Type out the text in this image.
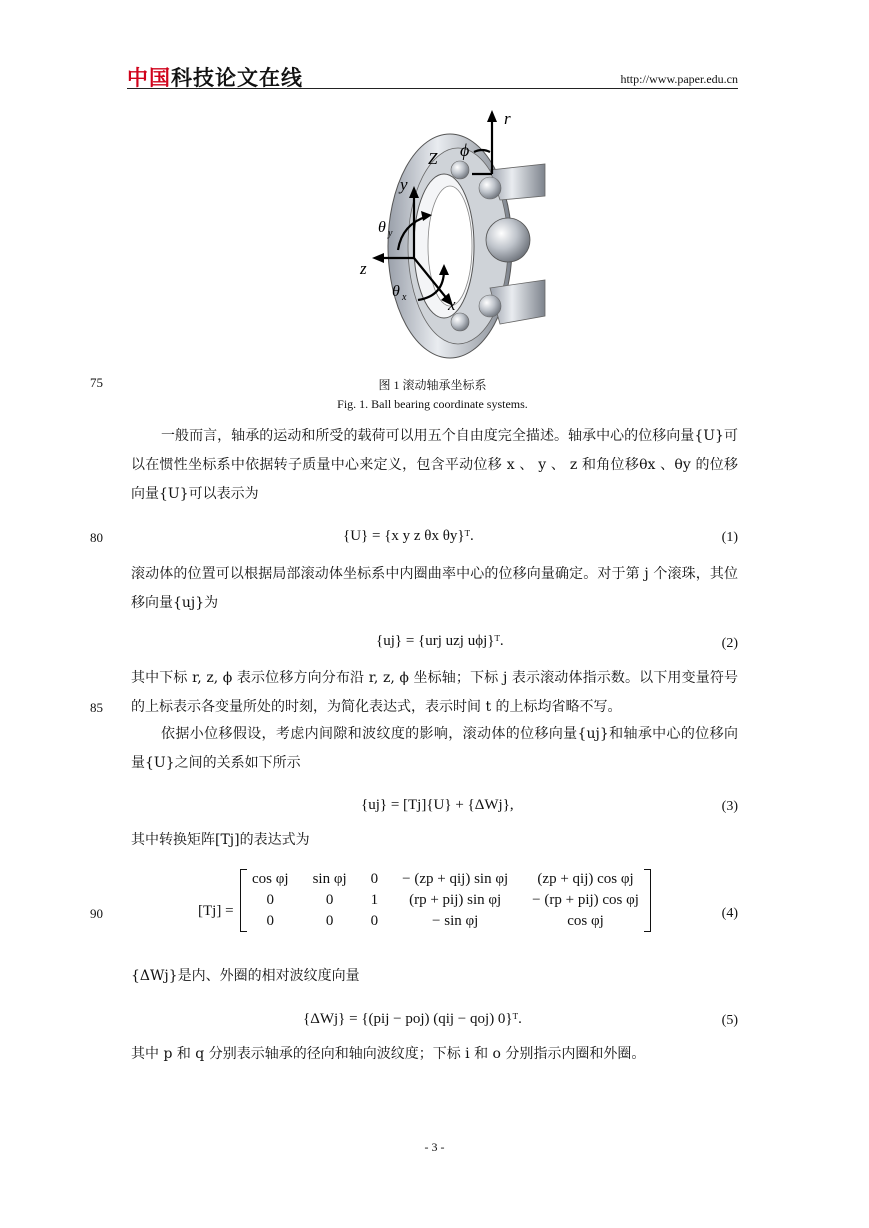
中国科技论文在线	http://www.paper.edu.cn
r
ϕ
Z
y
θ y
z
θ x x
75	图 1 滚动轴承坐标系
Fig. 1. Ball bearing coordinate systems.
一般而言，轴承的运动和所受的载荷可以用五个自由度完全描述。轴承中心的位移向量{U}可以在惯性坐标系中依据转子质量中心来定义，包含平动位移 x 、 y 、 z 和角位移θx 、θy 的位移向量{U}可以表示为
80	{U} = {x y z θx θy}ᵀ.	(1)
滚动体的位置可以根据局部滚动体坐标系中内圈曲率中心的位移向量确定。对于第 j 个滚珠，其位移向量{uj}为
{uj} = {urj uzj uϕj}ᵀ.	(2)
85
其中下标 r, z, ϕ 表示位移方向分布沿 r, z, ϕ 坐标轴；下标 j 表示滚动体指示数。以下用变量符号的上标表示各变量所处的时刻，为简化表达式，表示时间 t 的上标均省略不写。
依据小位移假设，考虑内间隙和波纹度的影响，滚动体的位移向量{uj}和轴承中心的位移向量{U}之间的关系如下所示
{uj} = [Tj]{U} + {ΔWj},	(3)
其中转换矩阵[Tj]的表达式为
90	[Tj] =
cos φj	sin φj	0	− (zp + qij) sin φj	(zp + qij) cos φj
0	0	1	(rp + pij) sin φj	− (rp + pij) cos φj
0	0	0	− sin φj	cos φj	(4)
{ΔWj}是内、外圈的相对波纹度向量
{ΔWj} = {(pij − poj) (qij − qoj) 0}ᵀ.	(5)
其中 p 和 q 分别表示轴承的径向和轴向波纹度；下标 i 和 o 分别指示内圈和外圈。
- 3 -
